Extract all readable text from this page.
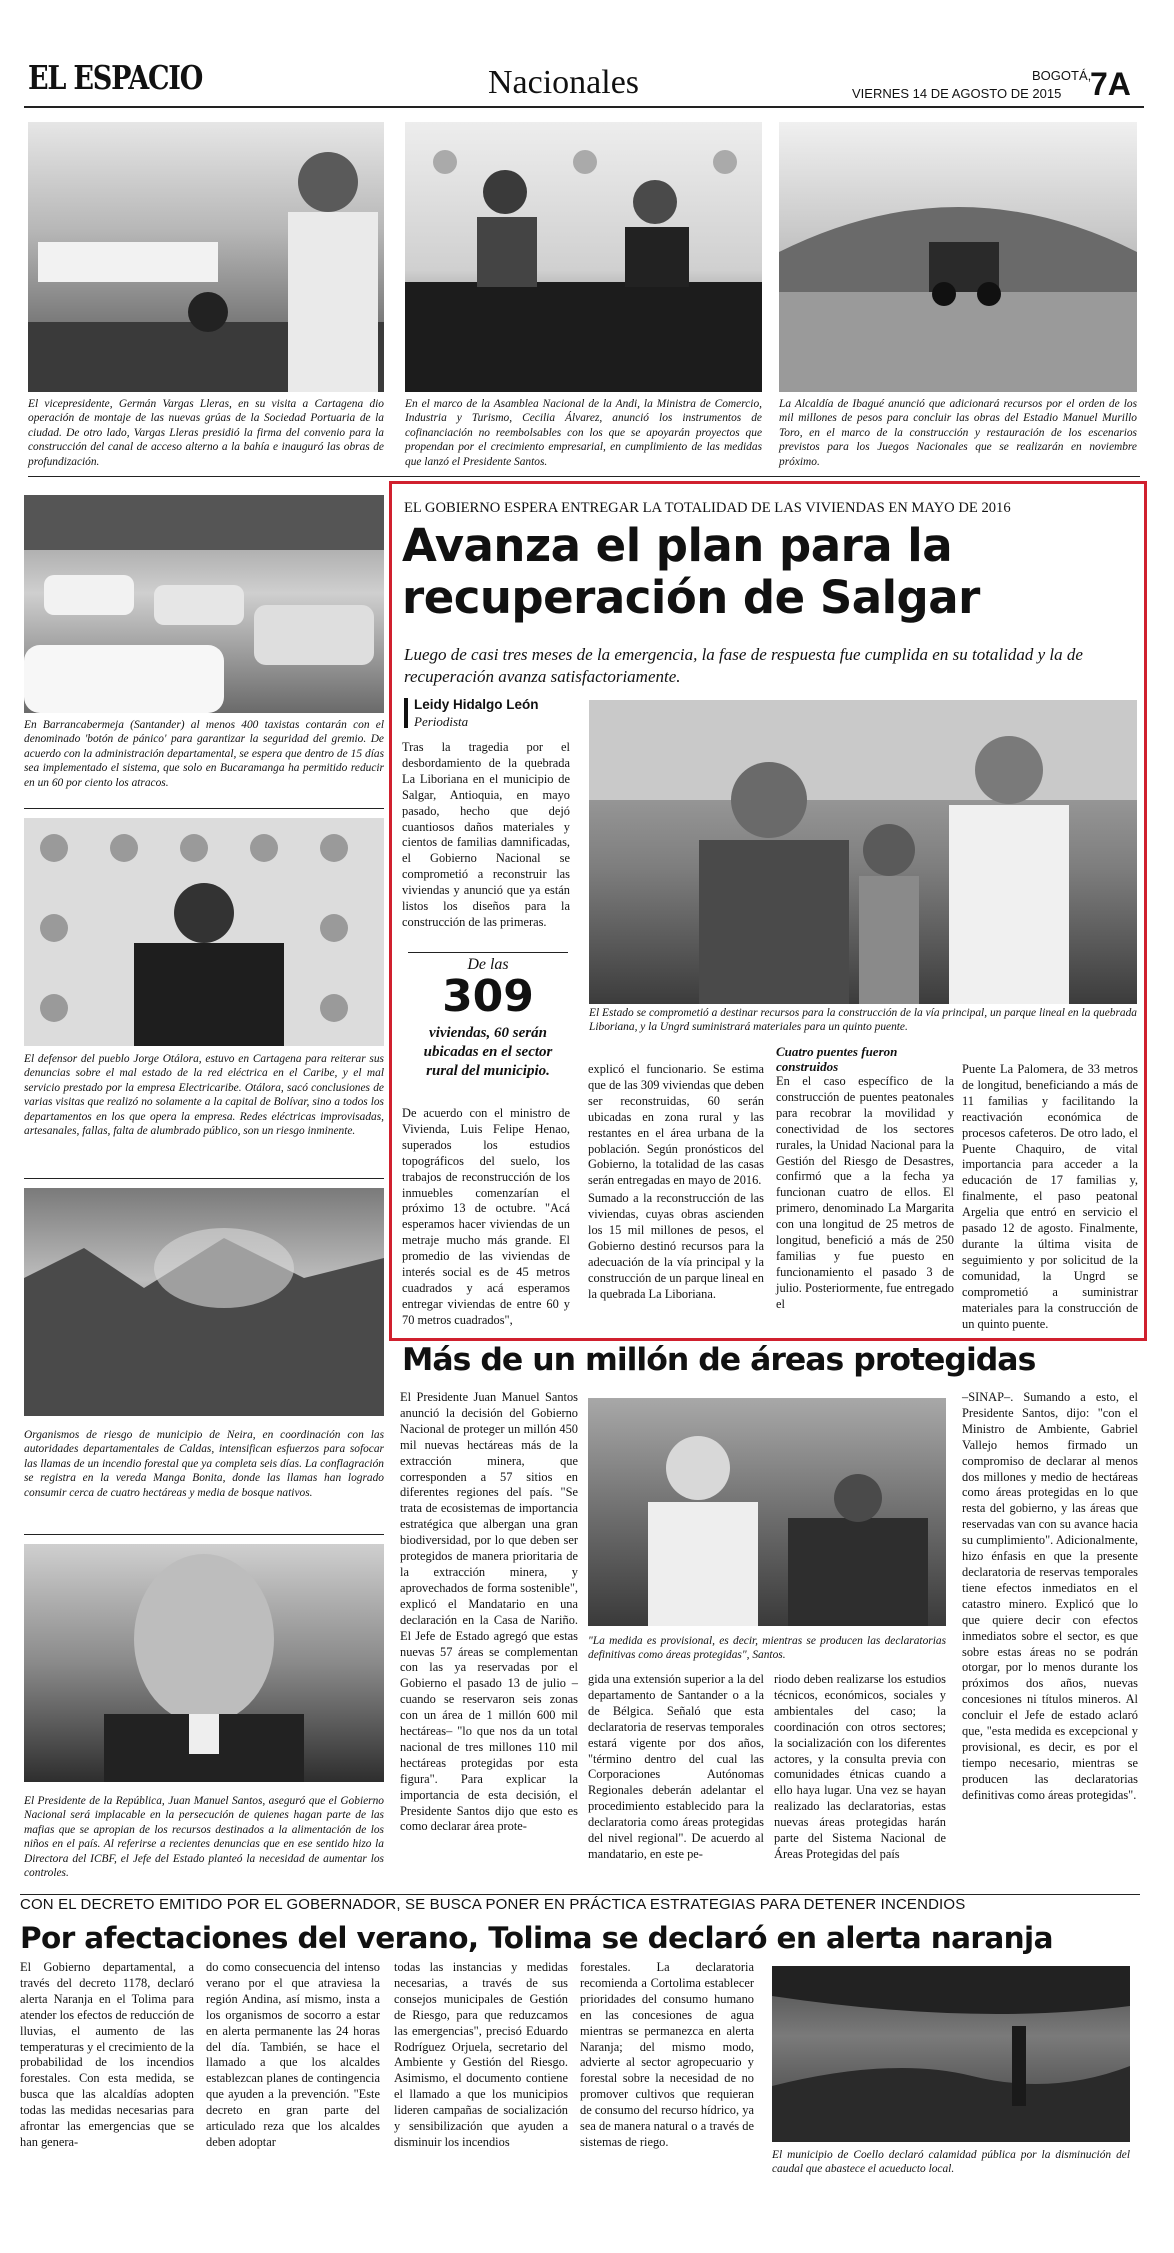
EL ESPACIO	Nacionales	BOGOTÁ,
VIERNES 14 DE AGOSTO DE 2015 7A
El vicepresidente, Germán Vargas Lleras, en su visita a Cartagena dio operación de montaje de las nuevas grúas de la Sociedad Portuaria de la ciudad. De otro lado, Vargas Lleras presidió la firma del convenio para la construcción del canal de acceso alterno a la bahía e inauguró las obras de profundización.
En el marco de la Asamblea Nacional de la Andi, la Ministra de Comercio, Industria y Turismo, Cecilia Álvarez, anunció los instrumentos de cofinanciación no reembolsables con los que se apoyarán proyectos que propendan por el crecimiento empresarial, en cumplimiento de las medidas que lanzó el Presidente Santos.
La Alcaldía de Ibagué anunció que adicionará recursos por el orden de los mil millones de pesos para concluir las obras del Estadio Manuel Murillo Toro, en el marco de la construcción y restauración de los escenarios previstos para los Juegos Nacionales que se realizarán en noviembre próximo.
En Barrancabermeja (Santander) al menos 400 taxistas contarán con el denominado 'botón de pánico' para garantizar la seguridad del gremio. De acuerdo con la administración departamental, se espera que dentro de 15 días sea implementado el sistema, que solo en Bucaramanga ha permitido reducir en un 60 por ciento los atracos.
El defensor del pueblo Jorge Otálora, estuvo en Cartagena para reiterar sus denuncias sobre el mal estado de la red eléctrica en el Caribe, y el mal servicio prestado por la empresa Electricaribe. Otálora, sacó conclusiones de varias visitas que realizó no solamente a la capital de Bolívar, sino a todos los departamentos en los que opera la empresa. Redes eléctricas improvisadas, artesanales, fallas, falta de alumbrado público, son un riesgo inminente.
Organismos de riesgo de municipio de Neira, en coordinación con las autoridades departamentales de Caldas, intensifican esfuerzos para sofocar las llamas de un incendio forestal que ya completa seis días. La conflagración se registra en la vereda Manga Bonita, donde las llamas han logrado consumir cerca de cuatro hectáreas y media de bosque nativos.
El Presidente de la República, Juan Manuel Santos, aseguró que el Gobierno Nacional será implacable en la persecución de quienes hagan parte de las mafias que se apropian de los recursos destinados a la alimentación de los niños en el país. Al referirse a recientes denuncias que en ese sentido hizo la Directora del ICBF, el Jefe del Estado planteó la necesidad de aumentar los controles.
EL GOBIERNO ESPERA ENTREGAR LA TOTALIDAD DE LAS VIVIENDAS EN MAYO DE 2016
Avanza el plan para la recuperación de Salgar
Luego de casi tres meses de la emergencia, la fase de respuesta fue cumplida en su totalidad y la de recuperación avanza satisfactoriamente.
Leidy Hidalgo León
Periodista

Tras la tragedia por el desbordamiento de la quebrada La Liboriana en el municipio de Salgar, Antioquia, en mayo pasado, hecho que dejó cuantiosos daños materiales y cientos de familias damnificadas, el Gobierno Nacional se comprometió a reconstruir las viviendas y anunció que ya están listos los diseños para la construcción de las primeras.

De las
309
viviendas, 60 serán ubicadas en el sector rural del municipio.

De acuerdo con el ministro de Vivienda, Luis Felipe Henao, superados los estudios topográficos del suelo, los trabajos de reconstrucción de los inmuebles comenzarían el próximo 13 de octubre. "Acá esperamos hacer viviendas de un metraje mucho más grande. El promedio de las viviendas de interés social es de 45 metros cuadrados y acá esperamos entregar viviendas de entre 60 y 70 metros cuadrados",

El Estado se comprometió a destinar recursos para la construcción de la vía principal, un parque lineal en la quebrada Liboriana, y la Ungrd suministrará materiales para un quinto puente.

explicó el funcionario. Se estima que de las 309 viviendas que deben ser reconstruidas, 60 serán ubicadas en zona rural y las restantes en el área urbana de la población. Según pronósticos del Gobierno, la totalidad de las casas serán entregadas en mayo de 2016.

Sumado a la reconstrucción de las viviendas, cuyas obras ascienden los 15 mil millones de pesos, el Gobierno destinó recursos para la adecuación de la vía principal y la construcción de un parque lineal en la quebrada La Liboriana.

Cuatro puentes fueron construidos

En el caso específico de la construcción de puentes peatonales para recobrar la movilidad y conectividad de los sectores rurales, la Unidad Nacional para la Gestión del Riesgo de Desastres, confirmó que a la fecha ya funcionan cuatro de ellos. El primero, denominado La Margarita con una longitud de 25 metros de longitud, benefició a más de 250 familias y fue puesto en funcionamiento el pasado 3 de julio. Posteriormente, fue entregado el

Puente La Palomera, de 33 metros de longitud, beneficiando a más de 11 familias y facilitando la reactivación económica de procesos cafeteros. De otro lado, el Puente Chaquiro, de vital importancia para acceder a la educación de 17 familias y, finalmente, el paso peatonal Argelia que entró en servicio el pasado 12 de agosto. Finalmente, durante la última visita de seguimiento y por solicitud de la comunidad, la Ungrd se comprometió a suministrar materiales para la construcción de un quinto puente.

Más de un millón de áreas protegidas

El Presidente Juan Manuel Santos anunció la decisión del Gobierno Nacional de proteger un millón 450 mil nuevas hectáreas más de la extracción minera, que corresponden a 57 sitios en diferentes regiones del país. "Se trata de ecosistemas de importancia estratégica que albergan una gran biodiversidad, por lo que deben ser protegidos de manera prioritaria de la extracción minera, y aprovechados de forma sostenible", explicó el Mandatario en una declaración en la Casa de Nariño. El Jefe de Estado agregó que estas nuevas 57 áreas se complementan con las ya reservadas por el Gobierno el pasado 13 de julio –cuando se reservaron seis zonas con un área de 1 millón 600 mil hectáreas– "lo que nos da un total nacional de tres millones 110 mil hectáreas protegidas por esta figura". Para explicar la importancia de esta decisión, el Presidente Santos dijo que esto es como declarar área prote-

"La medida es provisional, es decir, mientras se producen las declaratorias definitivas como áreas protegidas", Santos.

gida una extensión superior a la del departamento de Santander o a la de Bélgica. Señaló que esta declaratoria de reservas temporales estará vigente por dos años, "término dentro del cual las Corporaciones Autónomas Regionales deberán adelantar el procedimiento establecido para la declaratoria como áreas protegidas del nivel regional". De acuerdo al mandatario, en este pe-

riodo deben realizarse los estudios técnicos, económicos, sociales y ambientales del caso; la coordinación con otros sectores; la socialización con los diferentes actores, y la consulta previa con comunidades étnicas cuando a ello haya lugar. Una vez se hayan realizado las declaratorias, estas nuevas áreas protegidas harán parte del Sistema Nacional de Áreas Protegidas del país

–SINAP–. Sumando a esto, el Presidente Santos, dijo: "con el Ministro de Ambiente, Gabriel Vallejo hemos firmado un compromiso de declarar al menos dos millones y medio de hectáreas como áreas protegidas en lo que resta del gobierno, y las áreas que reservadas van con su avance hacia su cumplimiento". Adicionalmente, hizo énfasis en que la presente declaratoria de reservas temporales tiene efectos inmediatos en el catastro minero. Explicó que lo que quiere decir con efectos inmediatos sobre el sector, es que sobre estas áreas no se podrán otorgar, por lo menos durante los próximos dos años, nuevas concesiones ni títulos mineros. Al concluir el Jefe de estado aclaró que, "esta medida es excepcional y provisional, es decir, es por el tiempo necesario, mientras se producen las declaratorias definitivas como áreas protegidas".

CON EL DECRETO EMITIDO POR EL GOBERNADOR, SE BUSCA PONER EN PRÁCTICA ESTRATEGIAS PARA DETENER INCENDIOS
Por afectaciones del verano, Tolima se declaró en alerta naranja

El Gobierno departamental, a través del decreto 1178, declaró alerta Naranja en el Tolima para atender los efectos de reducción de lluvias, el aumento de las temperaturas y el crecimiento de la probabilidad de los incendios forestales. Con esta medida, se busca que las alcaldías adopten todas las medidas necesarias para afrontar las emergencias que se han genera-

do como consecuencia del intenso verano por el que atraviesa la región Andina, así mismo, insta a los organismos de socorro a estar en alerta permanente las 24 horas del día. También, se hace el llamado a que los alcaldes establezcan planes de contingencia que ayuden a la prevención. "Este decreto en gran parte del articulado reza que los alcaldes deben adoptar

todas las instancias y medidas necesarias, a través de sus consejos municipales de Gestión de Riesgo, para que reduzcamos las emergencias", precisó Eduardo Rodríguez Orjuela, secretario del Ambiente y Gestión del Riesgo. Asimismo, el documento contiene el llamado a que los municipios lideren campañas de socialización y sensibilización que ayuden a disminuir los incendios

forestales. La declaratoria recomienda a Cortolima establecer prioridades del consumo humano en las concesiones de agua mientras se permanezca en alerta Naranja; del mismo modo, advierte al sector agropecuario y forestal sobre la necesidad de no promover cultivos que requieran de consumo del recurso hídrico, ya sea de manera natural o a través de sistemas de riego.

El municipio de Coello declaró calamidad pública por la disminución del caudal que abastece el acueducto local.
